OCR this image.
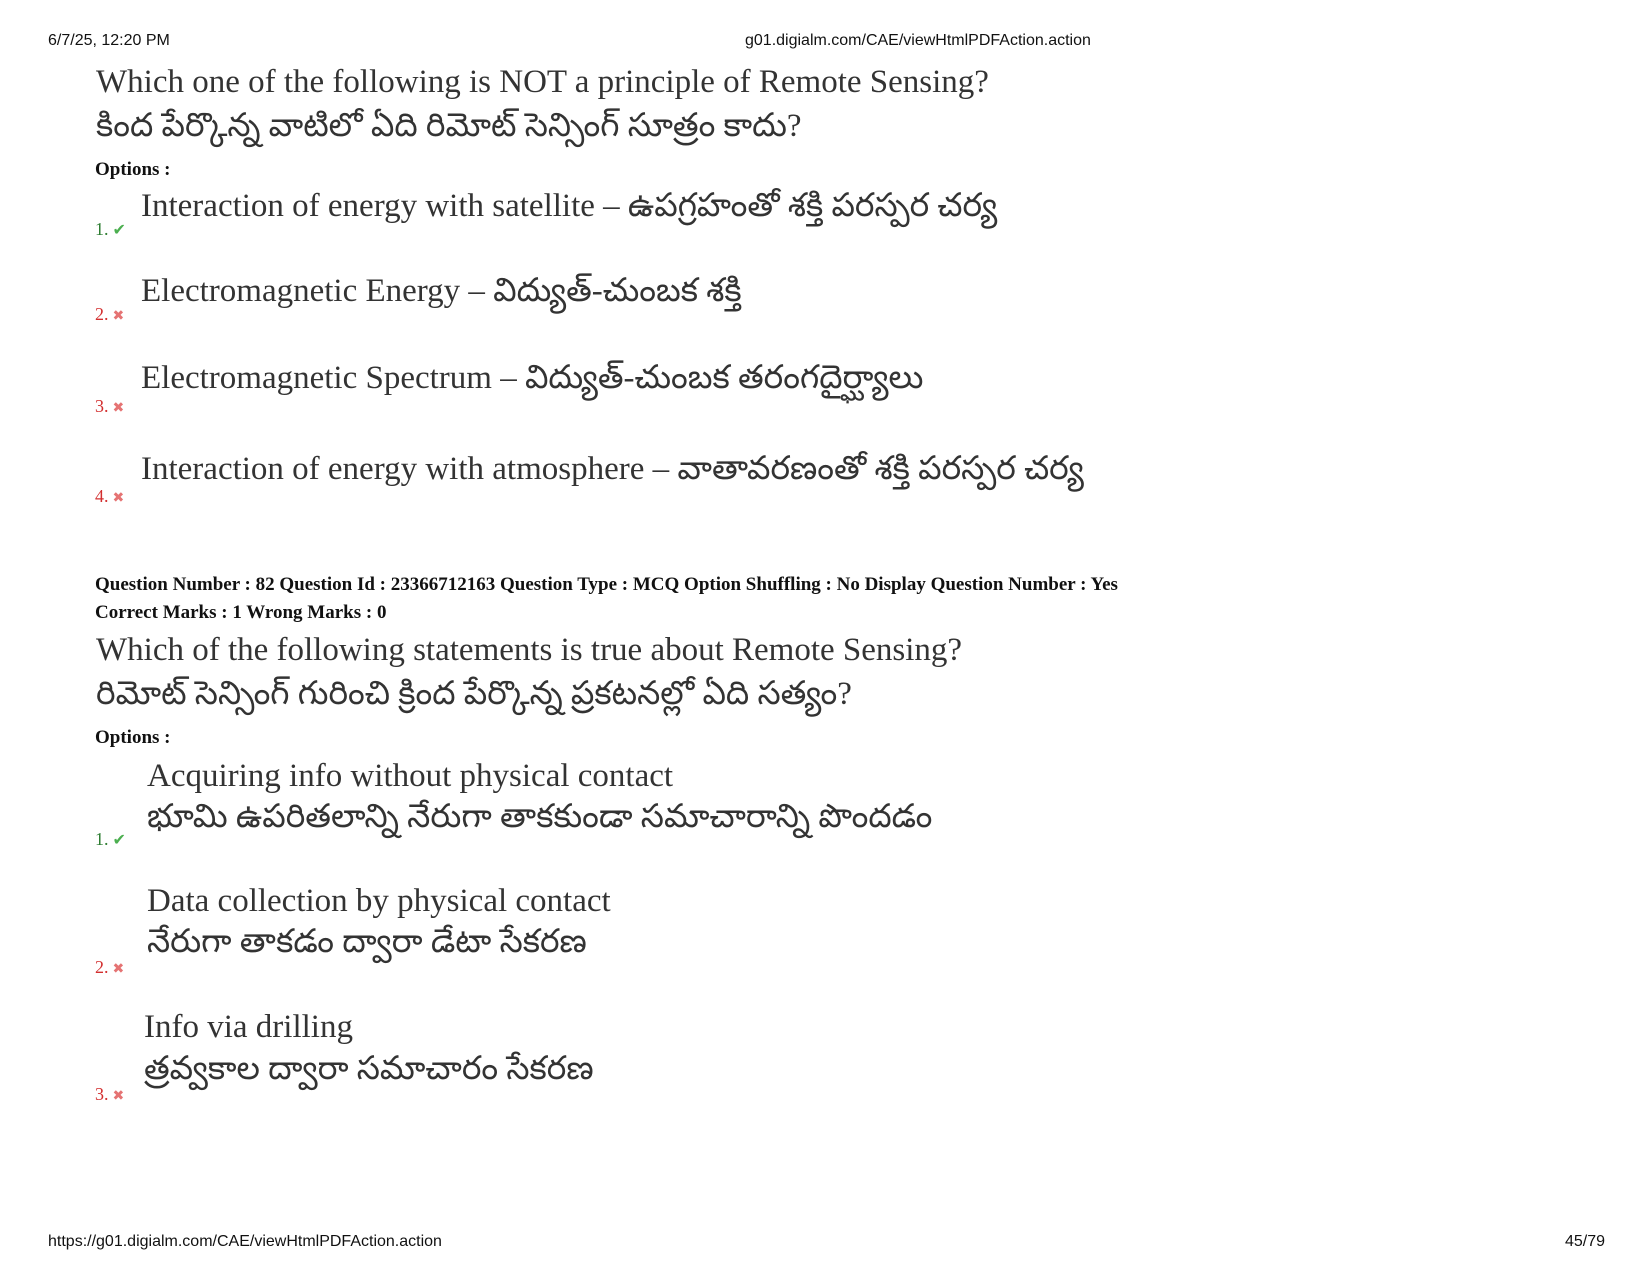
6/7/25, 12:20 PM	g01.digialm.com/CAE/viewHtmlPDFAction.action
Which one of the following is NOT a principle of Remote Sensing?
కింద పేర్కొన్న వాటిలో ఏది రిమోట్ సెన్సింగ్ సూత్రం కాదు?
Options :
Interaction of energy with satellite – ఉపగ్రహంతో శక్తి పరస్పర చర్య
1. ✔
Electromagnetic Energy – విద్యుత్-చుంబక శక్తి
2. ✖
Electromagnetic Spectrum – విద్యుత్-చుంబక తరంగదైర్ఘ్యాలు
3. ✖
Interaction of energy with atmosphere – వాతావరణంతో శక్తి పరస్పర చర్య
4. ✖
Question Number : 82 Question Id : 23366712163 Question Type : MCQ Option Shuffling : No Display Question Number : Yes
Correct Marks : 1 Wrong Marks : 0
Which of the following statements is true about Remote Sensing?
రిమోట్ సెన్సింగ్ గురించి క్రింద పేర్కొన్న ప్రకటనల్లో ఏది సత్యం?
Options :
Acquiring info without physical contact
భూమి ఉపరితలాన్ని నేరుగా తాకకుండా సమాచారాన్ని పొందడం
1. ✔
Data collection by physical contact
నేరుగా తాకడం ద్వారా డేటా సేకరణ
2. ✖
Info via drilling
త్రవ్వకాల ద్వారా సమాచారం సేకరణ
3. ✖
https://g01.digialm.com/CAE/viewHtmlPDFAction.action	45/79
